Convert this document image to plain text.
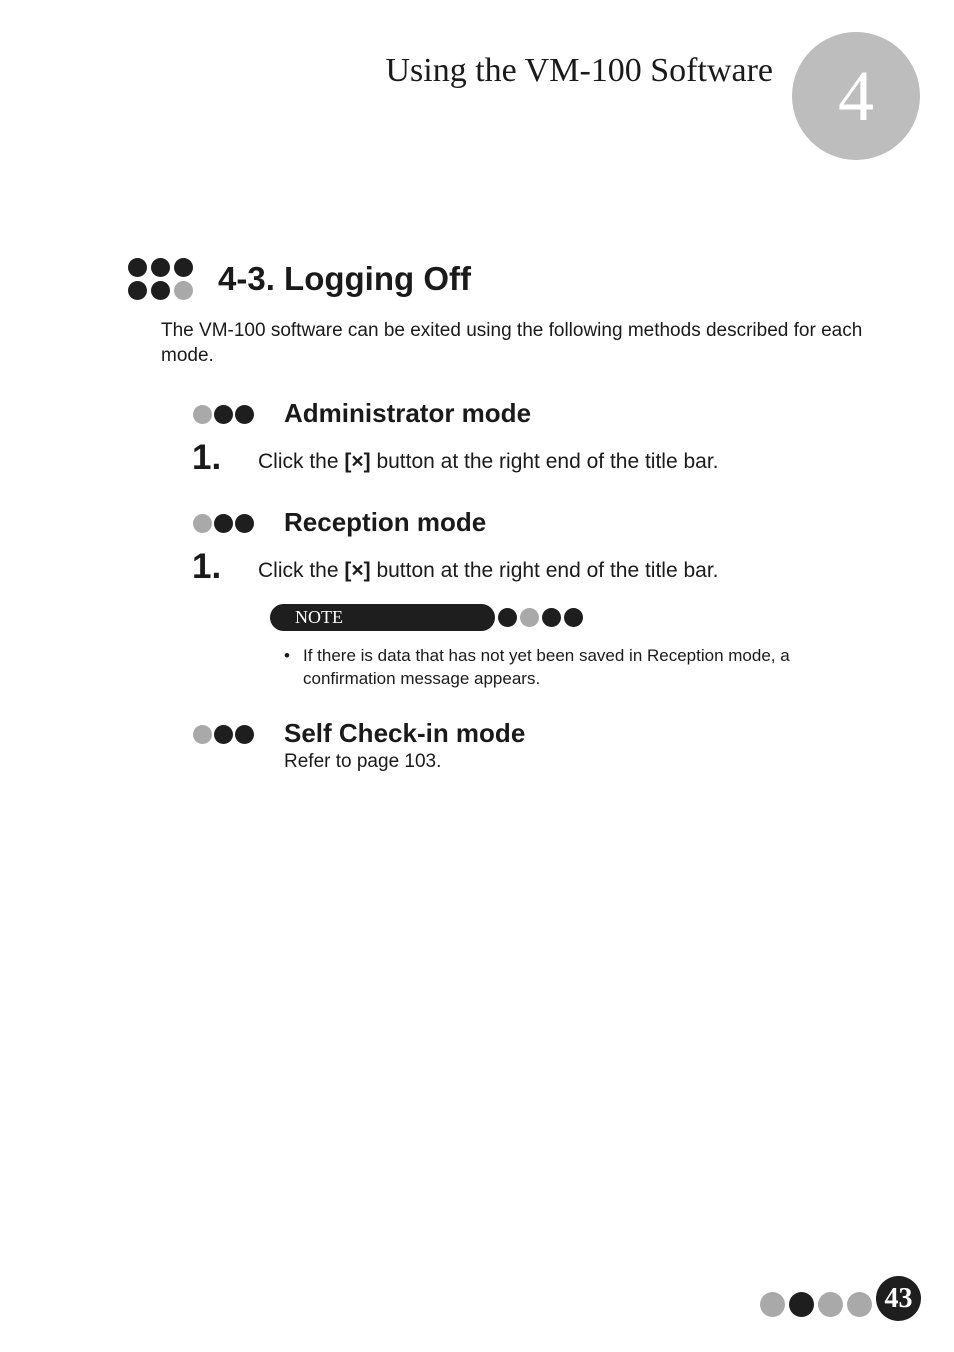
Using the VM-100 Software 4
4-3. Logging Off
The VM-100 software can be exited using the following methods described for each mode.
Administrator mode
1. Click the [×] button at the right end of the title bar.
Reception mode
1. Click the [×] button at the right end of the title bar.
NOTE
• If there is data that has not yet been saved in Reception mode, a confirmation message appears.
Self Check-in mode
Refer to page 103.
43
